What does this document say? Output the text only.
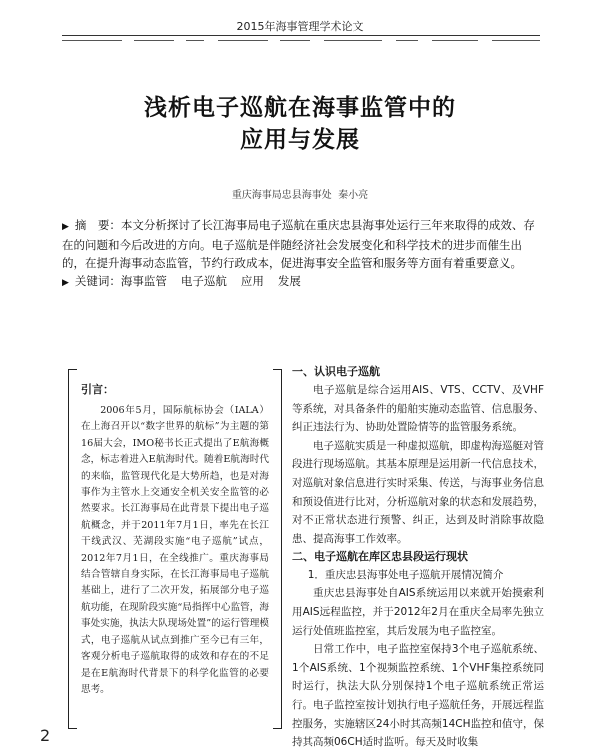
2015年海事管理学术论文
浅析电子巡航在海事监管中的
应用与发展
重庆海事局忠县海事处 秦小亮

▶ 摘　要：本文分析探讨了长江海事局电子巡航在重庆忠县海事处运行三年来取得的成效、存在的问题和今后改进的方向。电子巡航是伴随经济社会发展变化和科学技术的进步而催生出的，在提升海事动态监管，节约行政成本，促进海事安全监管和服务等方面有着重要意义。

▶ 关键词：海事监管 电子巡航 应用 发展

引言：

2006年5月，国际航标协会（IALA）在上海召开以“数字世界的航标”为主题的第16届大会，IMO秘书长正式提出了E航海概念，标志着进入E航海时代。随着E航海时代的来临，监管现代化是大势所趋，也是对海事作为主管水上交通安全机关安全监管的必然要求。长江海事局在此背景下提出电子巡航概念，并于2011年7月1日，率先在长江干线武汉、芜湖段实施“电子巡航”试点，2012年7月1日，在全线推广。重庆海事局结合管辖自身实际，在长江海事局电子巡航基础上，进行了二次开发，拓展部分电子巡航功能，在现阶段实施“局指挥中心监管，海事处实施，执法大队现场处置”的运行管理模式，电子巡航从试点到推广至今已有三年，客观分析电子巡航取得的成效和存在的不足是在E航海时代背景下的科学化监管的必要思考。

一、认识电子巡航

电子巡航是综合运用AIS、VTS、CCTV、及VHF等系统，对具备条件的船舶实施动态监管、信息服务、纠正违法行为、协助处置险情等的监管服务系统。

电子巡航实质是一种虚拟巡航，即虚构海巡艇对管段进行现场巡航。其基本原理是运用新一代信息技术，对巡航对象信息进行实时采集、传送，与海事业务信息和预设值进行比对，分析巡航对象的状态和发展趋势，对不正常状态进行预警、纠正，达到及时消除事故隐患、提高海事工作效率。

二、电子巡航在库区忠县段运行现状
1．重庆忠县海事处电子巡航开展情况简介

重庆忠县海事处自AIS系统运用以来就开始摸索利用AIS远程监控，并于2012年2月在重庆全局率先独立运行处值班监控室，其后发展为电子监控室。

日常工作中，电子监控室保持3个电子巡航系统、1个AIS系统、1个视频监控系统、1个VHF集控系统同时运行，执法大队分别保持1个电子巡航系统正常运行。电子监控室按计划执行电子巡航任务，开展远程监控服务，实施辖区24小时其高频14CH监控和值守，保持其高频06CH适时监听。每天及时收集

2
